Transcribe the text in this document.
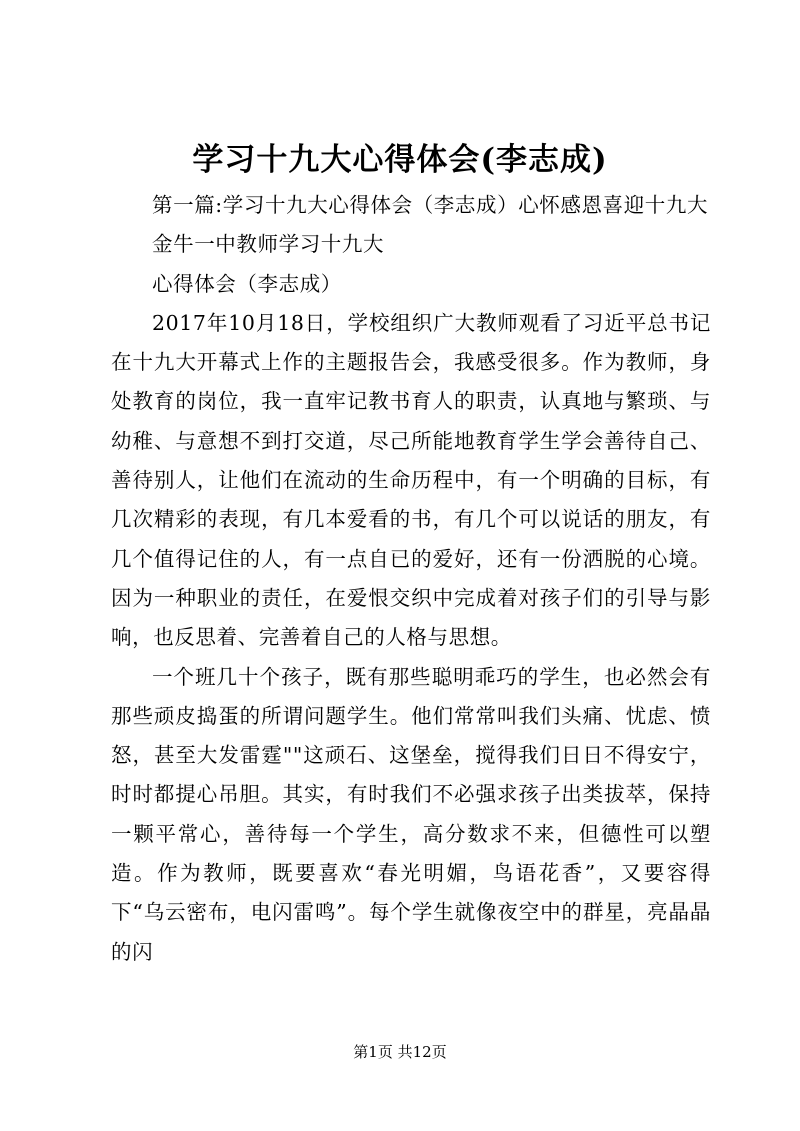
学习十九大心得体会(李志成)

第一篇:学习十九大心得体会（李志成）心怀感恩喜迎十九大

金牛一中教师学习十九大

心得体会（李志成）

2017年10月18日，学校组织广大教师观看了习近平总书记在十九大开幕式上作的主题报告会，我感受很多。作为教师，身处教育的岗位，我一直牢记教书育人的职责，认真地与繁琐、与幼稚、与意想不到打交道，尽己所能地教育学生学会善待自己、善待别人，让他们在流动的生命历程中，有一个明确的目标，有几次精彩的表现，有几本爱看的书，有几个可以说话的朋友，有几个值得记住的人，有一点自已的爱好，还有一份洒脱的心境。因为一种职业的责任，在爱恨交织中完成着对孩子们的引导与影响，也反思着、完善着自己的人格与思想。

一个班几十个孩子，既有那些聪明乖巧的学生，也必然会有那些顽皮捣蛋的所谓问题学生。他们常常叫我们头痛、忧虑、愤怒，甚至大发雷霆""这顽石、这堡垒，搅得我们日日不得安宁，时时都提心吊胆。其实，有时我们不必强求孩子出类拔萃，保持一颗平常心，善待每一个学生，高分数求不来，但德性可以塑造。作为教师，既要喜欢“春光明媚，鸟语花香”，又要容得下“乌云密布，电闪雷鸣”。每个学生就像夜空中的群星，亮晶晶的闪

第1页 共12页
